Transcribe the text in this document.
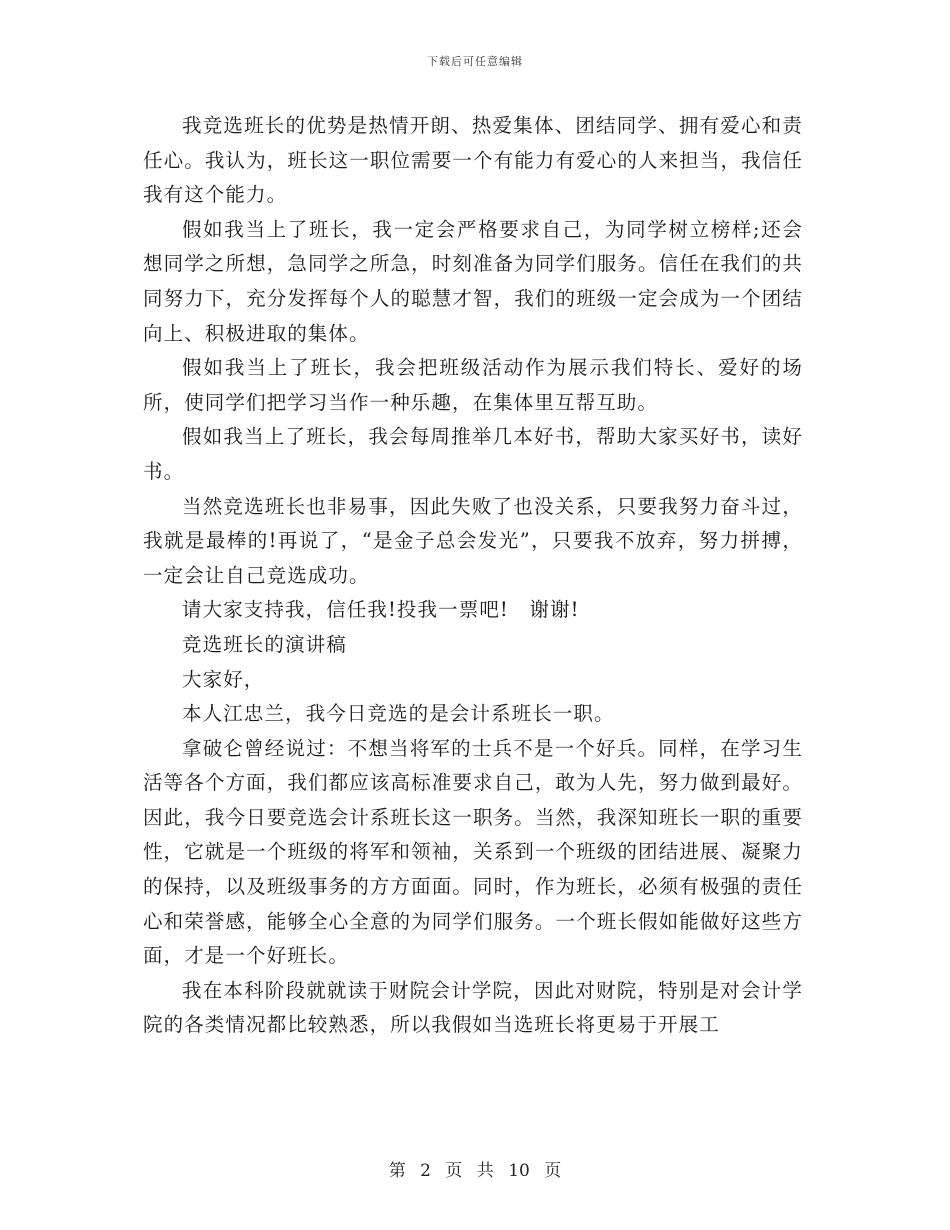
下载后可任意编辑

我竞选班长的优势是热情开朗、热爱集体、团结同学、拥有爱心和责任心。我认为，班长这一职位需要一个有能力有爱心的人来担当，我信任我有这个能力。

假如我当上了班长，我一定会严格要求自己，为同学树立榜样;还会想同学之所想，急同学之所急，时刻准备为同学们服务。信任在我们的共同努力下，充分发挥每个人的聪慧才智，我们的班级一定会成为一个团结向上、积极进取的集体。

假如我当上了班长，我会把班级活动作为展示我们特长、爱好的场所，使同学们把学习当作一种乐趣，在集体里互帮互助。

假如我当上了班长，我会每周推举几本好书，帮助大家买好书，读好书。

当然竞选班长也非易事，因此失败了也没关系，只要我努力奋斗过，我就是最棒的!再说了，“是金子总会发光”，只要我不放弃，努力拼搏，一定会让自己竞选成功。

请大家支持我，信任我!投我一票吧!　谢谢!

竞选班长的演讲稿

大家好，

本人江忠兰，我今日竞选的是会计系班长一职。

拿破仑曾经说过：不想当将军的士兵不是一个好兵。同样，在学习生活等各个方面，我们都应该高标准要求自己，敢为人先，努力做到最好。因此，我今日要竞选会计系班长这一职务。当然，我深知班长一职的重要性，它就是一个班级的将军和领袖，关系到一个班级的团结进展、凝聚力的保持，以及班级事务的方方面面。同时，作为班长，必须有极强的责任心和荣誉感，能够全心全意的为同学们服务。一个班长假如能做好这些方面，才是一个好班长。

我在本科阶段就就读于财院会计学院，因此对财院，特别是对会计学院的各类情况都比较熟悉，所以我假如当选班长将更易于开展工

第 2 页 共 10 页
